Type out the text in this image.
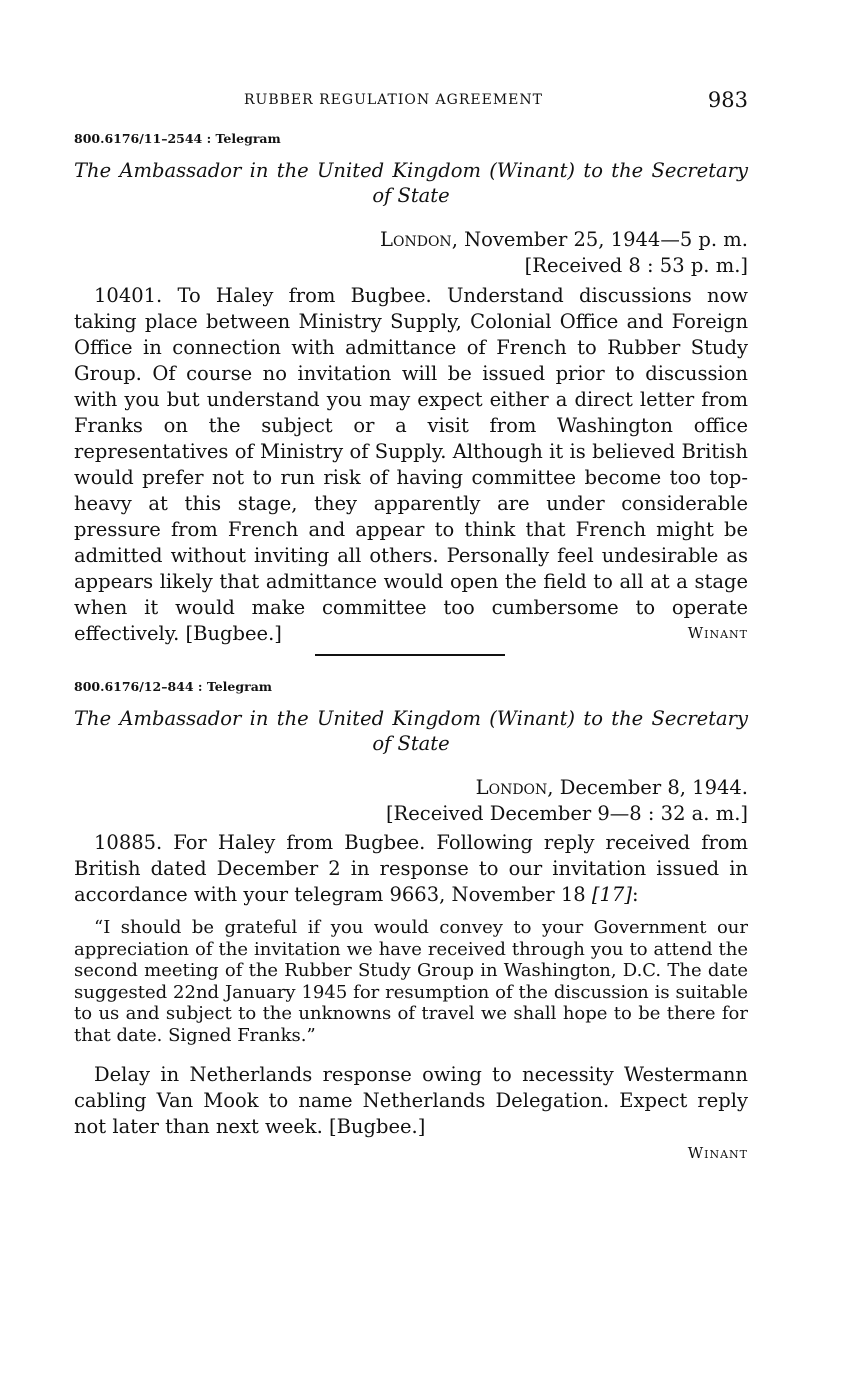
RUBBER REGULATION AGREEMENT	983
800.6176/11–2544 : Telegram
The Ambassador in the United Kingdom (Winant) to the Secretary
of State
London, November 25, 1944—5 p. m.
[Received 8 : 53 p. m.]

10401. To Haley from Bugbee. Understand discussions now taking place between Ministry Supply, Colonial Office and Foreign Office in connection with admittance of French to Rubber Study Group. Of course no invitation will be issued prior to discussion with you but understand you may expect either a direct letter from Franks on the subject or a visit from Washington office representatives of Ministry of Supply. Although it is believed British would prefer not to run risk of having committee become too top-heavy at this stage, they apparently are under considerable pressure from French and appear to think that French might be admitted without inviting all others. Personally feel undesirable as appears likely that admittance would open the field to all at a stage when it would make committee too cumbersome to operate effectively. [Bugbee.]	Winant
800.6176/12–844 : Telegram
The Ambassador in the United Kingdom (Winant) to the Secretary
of State
London, December 8, 1944.
[Received December 9—8 : 32 a. m.]

10885. For Haley from Bugbee. Following reply received from British dated December 2 in response to our invitation issued in accordance with your telegram 9663, November 18 [17]:

“I should be grateful if you would convey to your Government our appreciation of the invitation we have received through you to attend the second meeting of the Rubber Study Group in Washington, D.C. The date suggested 22nd January 1945 for resumption of the discussion is suitable to us and subject to the unknowns of travel we shall hope to be there for that date. Signed Franks.”

Delay in Netherlands response owing to necessity Westermann cabling Van Mook to name Netherlands Delegation. Expect reply not later than next week. [Bugbee.]

Winant
